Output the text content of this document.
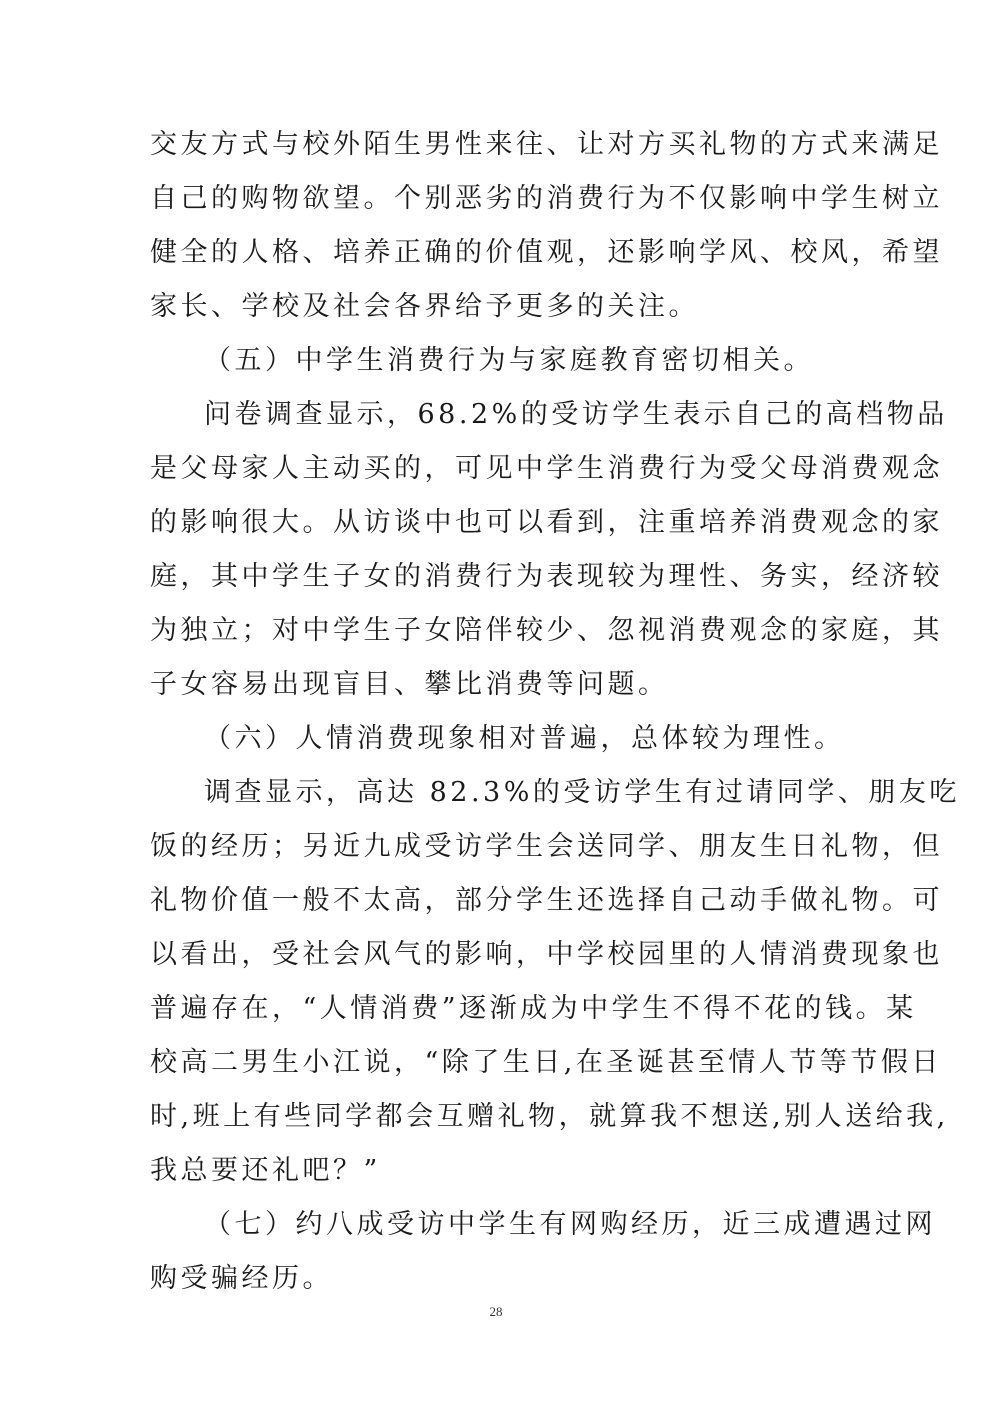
交友方式与校外陌生男性来往、让对方买礼物的方式来满足
自己的购物欲望。个别恶劣的消费行为不仅影响中学生树立
健全的人格、培养正确的价值观，还影响学风、校风，希望
家长、学校及社会各界给予更多的关注。
（五）中学生消费行为与家庭教育密切相关。
问卷调查显示，68.2%的受访学生表示自己的高档物品
是父母家人主动买的，可见中学生消费行为受父母消费观念
的影响很大。从访谈中也可以看到，注重培养消费观念的家
庭，其中学生子女的消费行为表现较为理性、务实，经济较
为独立；对中学生子女陪伴较少、忽视消费观念的家庭，其
子女容易出现盲目、攀比消费等问题。
（六）人情消费现象相对普遍，总体较为理性。
调查显示，高达 82.3%的受访学生有过请同学、朋友吃
饭的经历；另近九成受访学生会送同学、朋友生日礼物，但
礼物价值一般不太高，部分学生还选择自己动手做礼物。可
以看出，受社会风气的影响，中学校园里的人情消费现象也
普遍存在，“人情消费”逐渐成为中学生不得不花的钱。某
校高二男生小江说，“除了生日,在圣诞甚至情人节等节假日
时,班上有些同学都会互赠礼物，就算我不想送,别人送给我,
我总要还礼吧？”
（七）约八成受访中学生有网购经历，近三成遭遇过网
购受骗经历。
28
